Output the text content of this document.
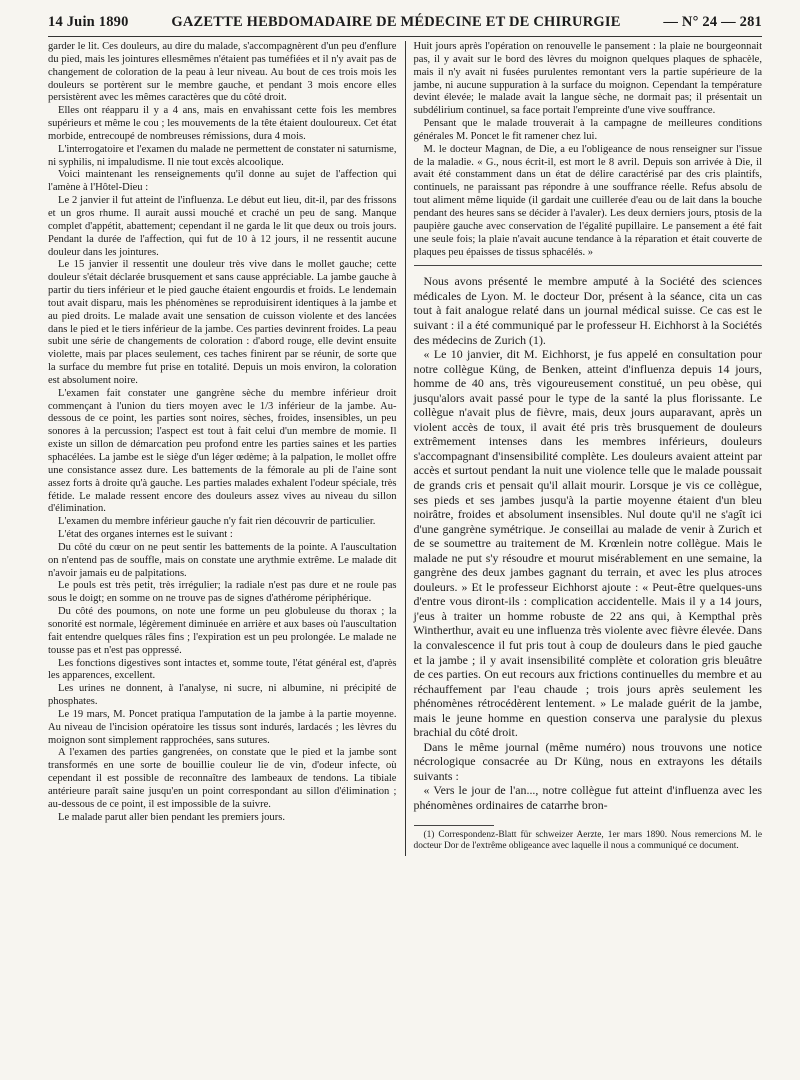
14 Juin 1890	GAZETTE HEBDOMADAIRE DE MÉDECINE ET DE CHIRURGIE	— N° 24 — 281

garder le lit. Ces douleurs, au dire du malade, s'accompagnèrent d'un peu d'enflure du pied, mais les jointures ellesmêmes n'étaient pas tuméfiées et il n'y avait pas de changement de coloration de la peau à leur niveau. Au bout de ces trois mois les douleurs se portèrent sur le membre gauche, et pendant 3 mois encore elles persistèrent avec les mêmes caractères que du côté droit.

Elles ont réapparu il y a 4 ans, mais en envahissant cette fois les membres supérieurs et même le cou ; les mouvements de la tête étaient douloureux. Cet état morbide, entrecoupé de nombreuses rémissions, dura 4 mois.

L'interrogatoire et l'examen du malade ne permettent de constater ni saturnisme, ni syphilis, ni impaludisme. Il nie tout excès alcoolique.

Voici maintenant les renseignements qu'il donne au sujet de l'affection qui l'amène à l'Hôtel-Dieu :

Le 2 janvier il fut atteint de l'influenza. Le début eut lieu, dit-il, par des frissons et un gros rhume. Il aurait aussi mouché et craché un peu de sang. Manque complet d'appétit, abattement; cependant il ne garda le lit que deux ou trois jours. Pendant la durée de l'affection, qui fut de 10 à 12 jours, il ne ressentit aucune douleur dans les jointures.

Le 15 janvier il ressentit une douleur très vive dans le mollet gauche; cette douleur s'était déclarée brusquement et sans cause appréciable. La jambe gauche à partir du tiers inférieur et le pied gauche étaient engourdis et froids. Le lendemain tout avait disparu, mais les phénomènes se reproduisirent identiques à la jambe et au pied droits. Le malade avait une sensation de cuisson violente et des lancées dans le pied et le tiers inférieur de la jambe. Ces parties devinrent froides. La peau subit une série de changements de coloration : d'abord rouge, elle devint ensuite violette, mais par places seulement, ces taches finirent par se réunir, de sorte que la surface du membre fut prise en totalité. Depuis un mois environ, la coloration est absolument noire.

L'examen fait constater une gangrène sèche du membre inférieur droit commençant à l'union du tiers moyen avec le 1/3 inférieur de la jambe. Au-dessous de ce point, les parties sont noires, sèches, froides, insensibles, un peu sonores à la percussion; l'aspect est tout à fait celui d'un membre de momie. Il existe un sillon de démarcation peu profond entre les parties saines et les parties sphacélées. La jambe est le siège d'un léger œdème; à la palpation, le mollet offre une consistance assez dure. Les battements de la fémorale au pli de l'aine sont assez forts à droite qu'à gauche. Les parties malades exhalent l'odeur spéciale, très fétide. Le malade ressent encore des douleurs assez vives au niveau du sillon d'élimination.

L'examen du membre inférieur gauche n'y fait rien découvrir de particulier.

L'état des organes internes est le suivant :

Du côté du cœur on ne peut sentir les battements de la pointe. A l'auscultation on n'entend pas de souffle, mais on constate une arythmie extrême. Le malade dit n'avoir jamais eu de palpitations.

Le pouls est très petit, très irrégulier; la radiale n'est pas dure et ne roule pas sous le doigt; en somme on ne trouve pas de signes d'athérome périphérique.

Du côté des poumons, on note une forme un peu globuleuse du thorax ; la sonorité est normale, légèrement diminuée en arrière et aux bases où l'auscultation fait entendre quelques râles fins ; l'expiration est un peu prolongée. Le malade ne tousse pas et n'est pas oppressé.

Les fonctions digestives sont intactes et, somme toute, l'état général est, d'après les apparences, excellent.

Les urines ne donnent, à l'analyse, ni sucre, ni albumine, ni précipité de phosphates.

Le 19 mars, M. Poncet pratiqua l'amputation de la jambe à la partie moyenne. Au niveau de l'incision opératoire les tissus sont indurés, lardacés ; les lèvres du moignon sont simplement rapprochées, sans sutures.

A l'examen des parties gangrenées, on constate que le pied et la jambe sont transformés en une sorte de bouillie couleur lie de vin, d'odeur infecte, où cependant il est possible de reconnaître des lambeaux de tendons. La tibiale antérieure paraît saine jusqu'en un point correspondant au sillon d'élimination ; au-dessous de ce point, il est impossible de la suivre.

Le malade parut aller bien pendant les premiers jours.

Huit jours après l'opération on renouvelle le pansement : la plaie ne bourgeonnait pas, il y avait sur le bord des lèvres du moignon quelques plaques de sphacèle, mais il n'y avait ni fusées purulentes remontant vers la partie supérieure de la jambe, ni aucune suppuration à la surface du moignon. Cependant la température devint élevée; le malade avait la langue sèche, ne dormait pas; il présentait un subdélirium continuel, sa face portait l'empreinte d'une vive souffrance.

Pensant que le malade trouverait à la campagne de meilleures conditions générales M. Poncet le fit ramener chez lui.

M. le docteur Magnan, de Die, a eu l'obligeance de nous renseigner sur l'issue de la maladie. « G., nous écrit-il, est mort le 8 avril. Depuis son arrivée à Die, il avait été constamment dans un état de délire caractérisé par des cris plaintifs, continuels, ne paraissant pas répondre à une souffrance réelle. Refus absolu de tout aliment même liquide (il gardait une cuillerée d'eau ou de lait dans la bouche pendant des heures sans se décider à l'avaler). Les deux derniers jours, ptosis de la paupière gauche avec conservation de l'égalité pupillaire. Le pansement a été fait une seule fois; la plaie n'avait aucune tendance à la réparation et était couverte de plaques peu épaisses de tissus sphacélés. »

Nous avons présenté le membre amputé à la Société des sciences médicales de Lyon. M. le docteur Dor, présent à la séance, cita un cas tout à fait analogue relaté dans un journal médical suisse. Ce cas est le suivant : il a été communiqué par le professeur H. Eichhorst à la Sociétés des médecins de Zurich (1).

« Le 10 janvier, dit M. Eichhorst, je fus appelé en consultation pour notre collègue Küng, de Benken, atteint d'influenza depuis 14 jours, homme de 40 ans, très vigoureusement constitué, un peu obèse, qui jusqu'alors avait passé pour le type de la santé la plus florissante. Le collègue n'avait plus de fièvre, mais, deux jours auparavant, après un violent accès de toux, il avait été pris très brusquement de douleurs extrêmement intenses dans les membres inférieurs, douleurs s'accompagnant d'insensibilité complète. Les douleurs avaient atteint par accès et surtout pendant la nuit une violence telle que le malade poussait de grands cris et pensait qu'il allait mourir. Lorsque je vis ce collègue, ses pieds et ses jambes jusqu'à la partie moyenne étaient d'un bleu noirâtre, froides et absolument insensibles. Nul doute qu'il ne s'agît ici d'une gangrène symétrique. Je conseillai au malade de venir à Zurich et de se soumettre au traitement de M. Krœnlein notre collègue. Mais le malade ne put s'y résoudre et mourut misérablement en une semaine, la gangrène des deux jambes gagnant du terrain, et avec les plus atroces douleurs. » Et le professeur Eichhorst ajoute : « Peut-être quelques-uns d'entre vous diront-ils : complication accidentelle. Mais il y a 14 jours, j'eus à traiter un homme robuste de 22 ans qui, à Kempthal près Wintherthur, avait eu une influenza très violente avec fièvre élevée. Dans la convalescence il fut pris tout à coup de douleurs dans le pied gauche et la jambe ; il y avait insensibilité complète et coloration gris bleuâtre de ces parties. On eut recours aux frictions continuelles du membre et au réchauffement par l'eau chaude ; trois jours après seulement les phénomènes rétrocédèrent lentement. » Le malade guérit de la jambe, mais le jeune homme en question conserva une paralysie du plexus brachial du côté droit.

Dans le même journal (même numéro) nous trouvons une notice nécrologique consacrée au Dr Küng, nous en extrayons les détails suivants :

« Vers le jour de l'an..., notre collègue fut atteint d'influenza avec les phénomènes ordinaires de catarrhe bron-

(1) Correspondenz-Blatt für schweizer Aerzte, 1er mars 1890. Nous remercions M. le docteur Dor de l'extrême obligeance avec laquelle il nous a communiqué ce document.
